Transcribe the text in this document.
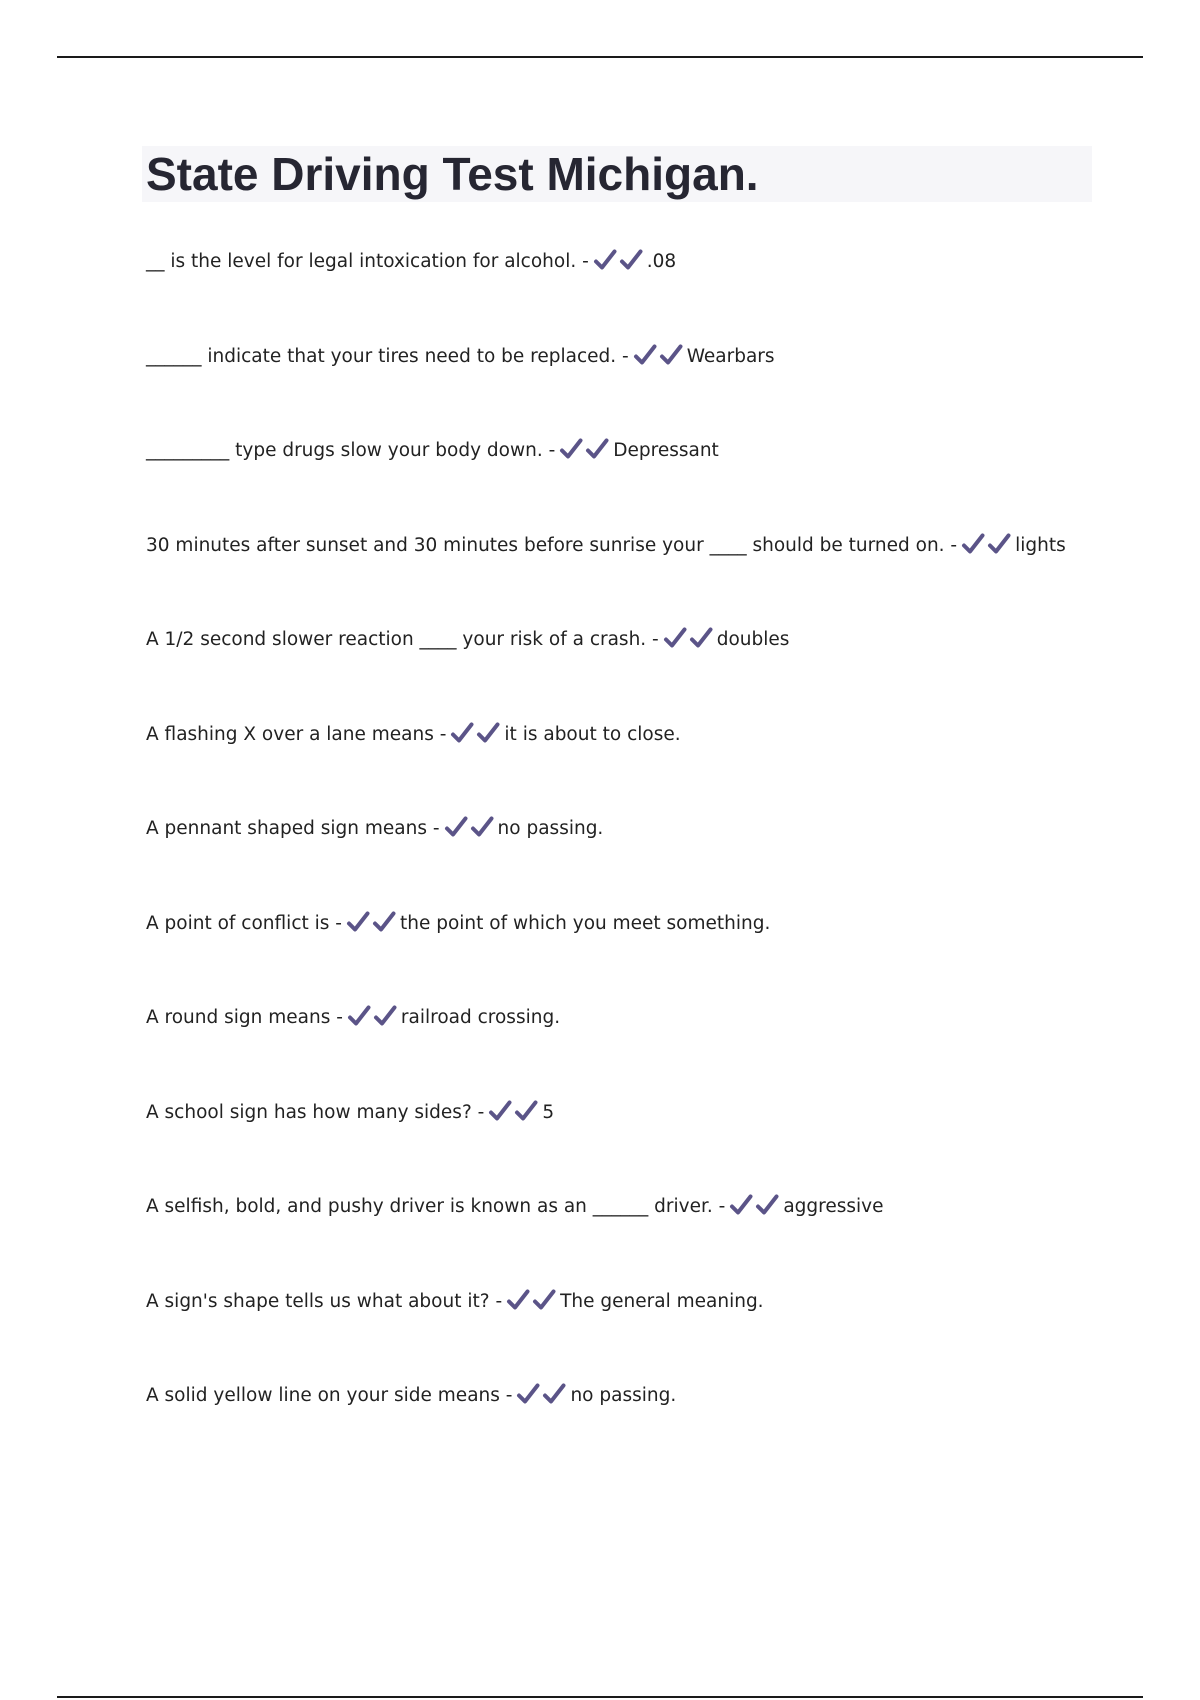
State Driving Test Michigan.
__ is the level for legal intoxication for alcohol. -	.08
______ indicate that your tires need to be replaced. -	Wearbars
_________ type drugs slow your body down. -	Depressant
30 minutes after sunset and 30 minutes before sunrise your ____ should be turned on. -	lights
A 1/2 second slower reaction ____ your risk of a crash. -	doubles
A flashing X over a lane means -	it is about to close.
A pennant shaped sign means -	no passing.
A point of conflict is -	the point of which you meet something.
A round sign means -	railroad crossing.
A school sign has how many sides? -	5
A selfish, bold, and pushy driver is known as an ______ driver. -	aggressive
A sign's shape tells us what about it? -	The general meaning.
A solid yellow line on your side means -	no passing.
